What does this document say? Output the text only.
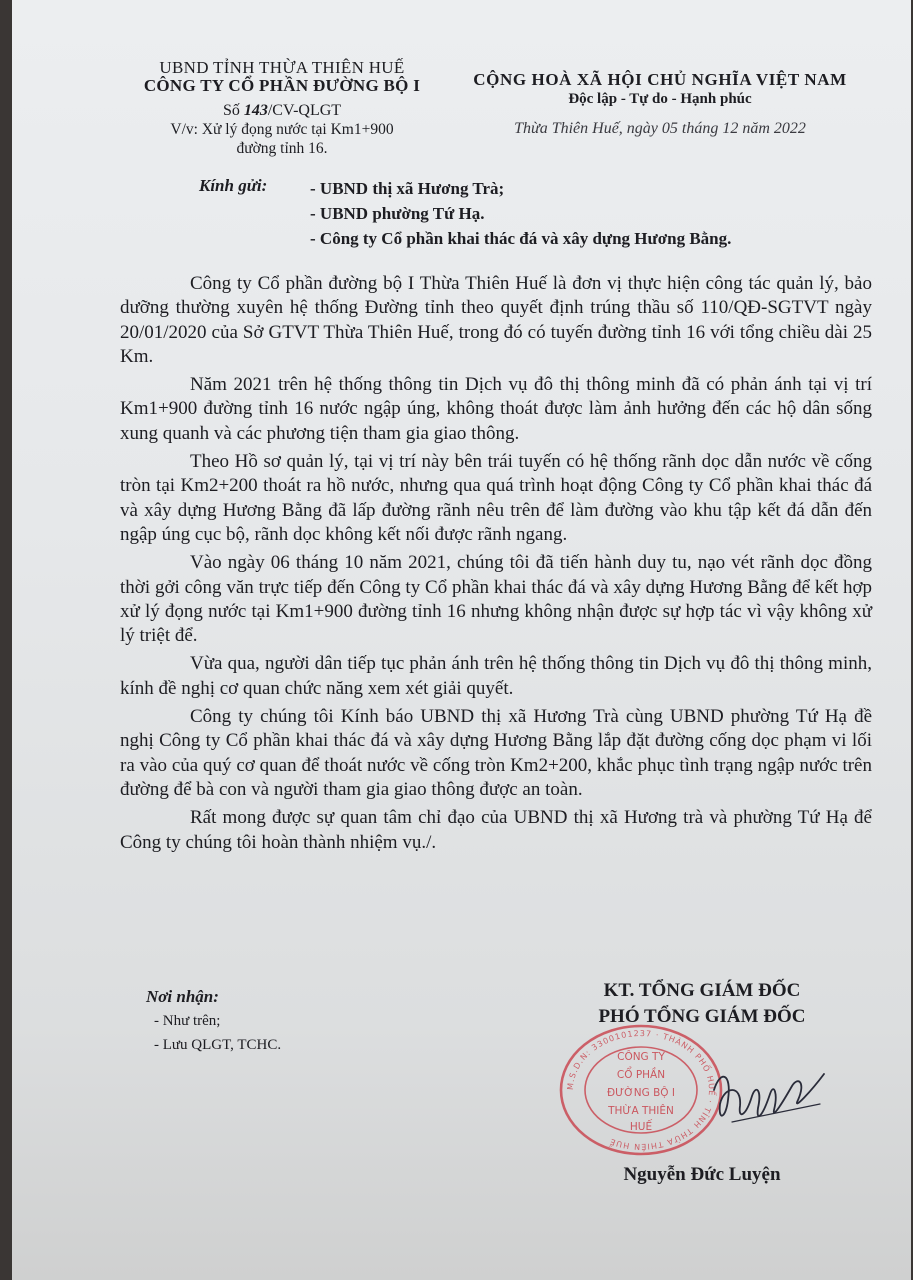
UBND TỈNH THỪA THIÊN HUẾ
CÔNG TY CỔ PHẦN ĐƯỜNG BỘ I
Số 143/CV-QLGT
V/v: Xử lý đọng nước tại Km1+900
đường tỉnh 16.
CỘNG HOÀ XÃ HỘI CHỦ NGHĨA VIỆT NAM
Độc lập - Tự do - Hạnh phúc
Thừa Thiên Huế, ngày 05 tháng 12 năm 2022
Kính gửi:	- UBND thị xã Hương Trà;
- UBND phường Tứ Hạ.
- Công ty Cổ phần khai thác đá và xây dựng Hương Bằng.

Công ty Cổ phần đường bộ I Thừa Thiên Huế là đơn vị thực hiện công tác quản lý, bảo dưỡng thường xuyên hệ thống Đường tỉnh theo quyết định trúng thầu số 110/QĐ-SGTVT ngày 20/01/2020 của Sở GTVT Thừa Thiên Huế, trong đó có tuyến đường tỉnh 16 với tổng chiều dài 25 Km.

Năm 2021 trên hệ thống thông tin Dịch vụ đô thị thông minh đã có phản ánh tại vị trí Km1+900 đường tỉnh 16 nước ngập úng, không thoát được làm ảnh hưởng đến các hộ dân sống xung quanh và các phương tiện tham gia giao thông.

Theo Hồ sơ quản lý, tại vị trí này bên trái tuyến có hệ thống rãnh dọc dẫn nước về cống tròn tại Km2+200 thoát ra hồ nước, nhưng qua quá trình hoạt động Công ty Cổ phần khai thác đá và xây dựng Hương Bằng đã lấp đường rãnh nêu trên để làm đường vào khu tập kết đá dẫn đến ngập úng cục bộ, rãnh dọc không kết nối được rãnh ngang.

Vào ngày 06 tháng 10 năm 2021, chúng tôi đã tiến hành duy tu, nạo vét rãnh dọc đồng thời gởi công văn trực tiếp đến Công ty Cổ phần khai thác đá và xây dựng Hương Bằng để kết hợp xử lý đọng nước tại Km1+900 đường tỉnh 16 nhưng không nhận được sự hợp tác vì vậy không xử lý triệt để.

Vừa qua, người dân tiếp tục phản ánh trên hệ thống thông tin Dịch vụ đô thị thông minh, kính đề nghị cơ quan chức năng xem xét giải quyết.

Công ty chúng tôi Kính báo UBND thị xã Hương Trà cùng UBND phường Tứ Hạ đề nghị Công ty Cổ phần khai thác đá và xây dựng Hương Bằng lắp đặt đường cống dọc phạm vi lối ra vào của quý cơ quan để thoát nước về cống tròn Km2+200, khắc phục tình trạng ngập nước trên đường để bà con và người tham gia giao thông được an toàn.

Rất mong được sự quan tâm chỉ đạo của UBND thị xã Hương trà và phường Tứ Hạ để Công ty chúng tôi hoàn thành nhiệm vụ./.

Nơi nhận:
- Như trên;
- Lưu QLGT, TCHC.
KT. TỔNG GIÁM ĐỐC
PHÓ TỔNG GIÁM ĐỐC
M.S.D.N: 3300101237 · THÀNH PHỐ HUẾ · TỈNH THỪA THIÊN HUẾ
CÔNG TY
CỔ PHẦN
ĐƯỜNG BỘ I
THỪA THIÊN
HUẾ
Nguyễn Đức Luyện
